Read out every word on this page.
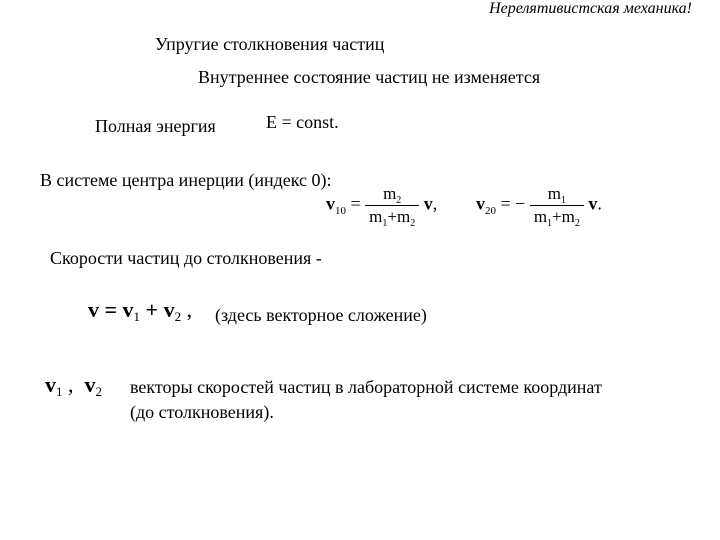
Нерелятивистская механика!
Упругие столкновения частиц
Внутреннее состояние частиц не изменяется
Полная энергия	E = const.
В системе центра инерции (индекс 0):
$v_{10} = \frac{m_2}{m_1+m_2} v$, $v_{20}$ = − $\frac{m_1}{m_1+m_2} v$.
Скорости частиц до столкновения -
v = v1 + v2 , (здесь векторное сложение)
v1 ,  v2 векторы скоростей частиц в лабораторной системе координат
(до столкновения).
